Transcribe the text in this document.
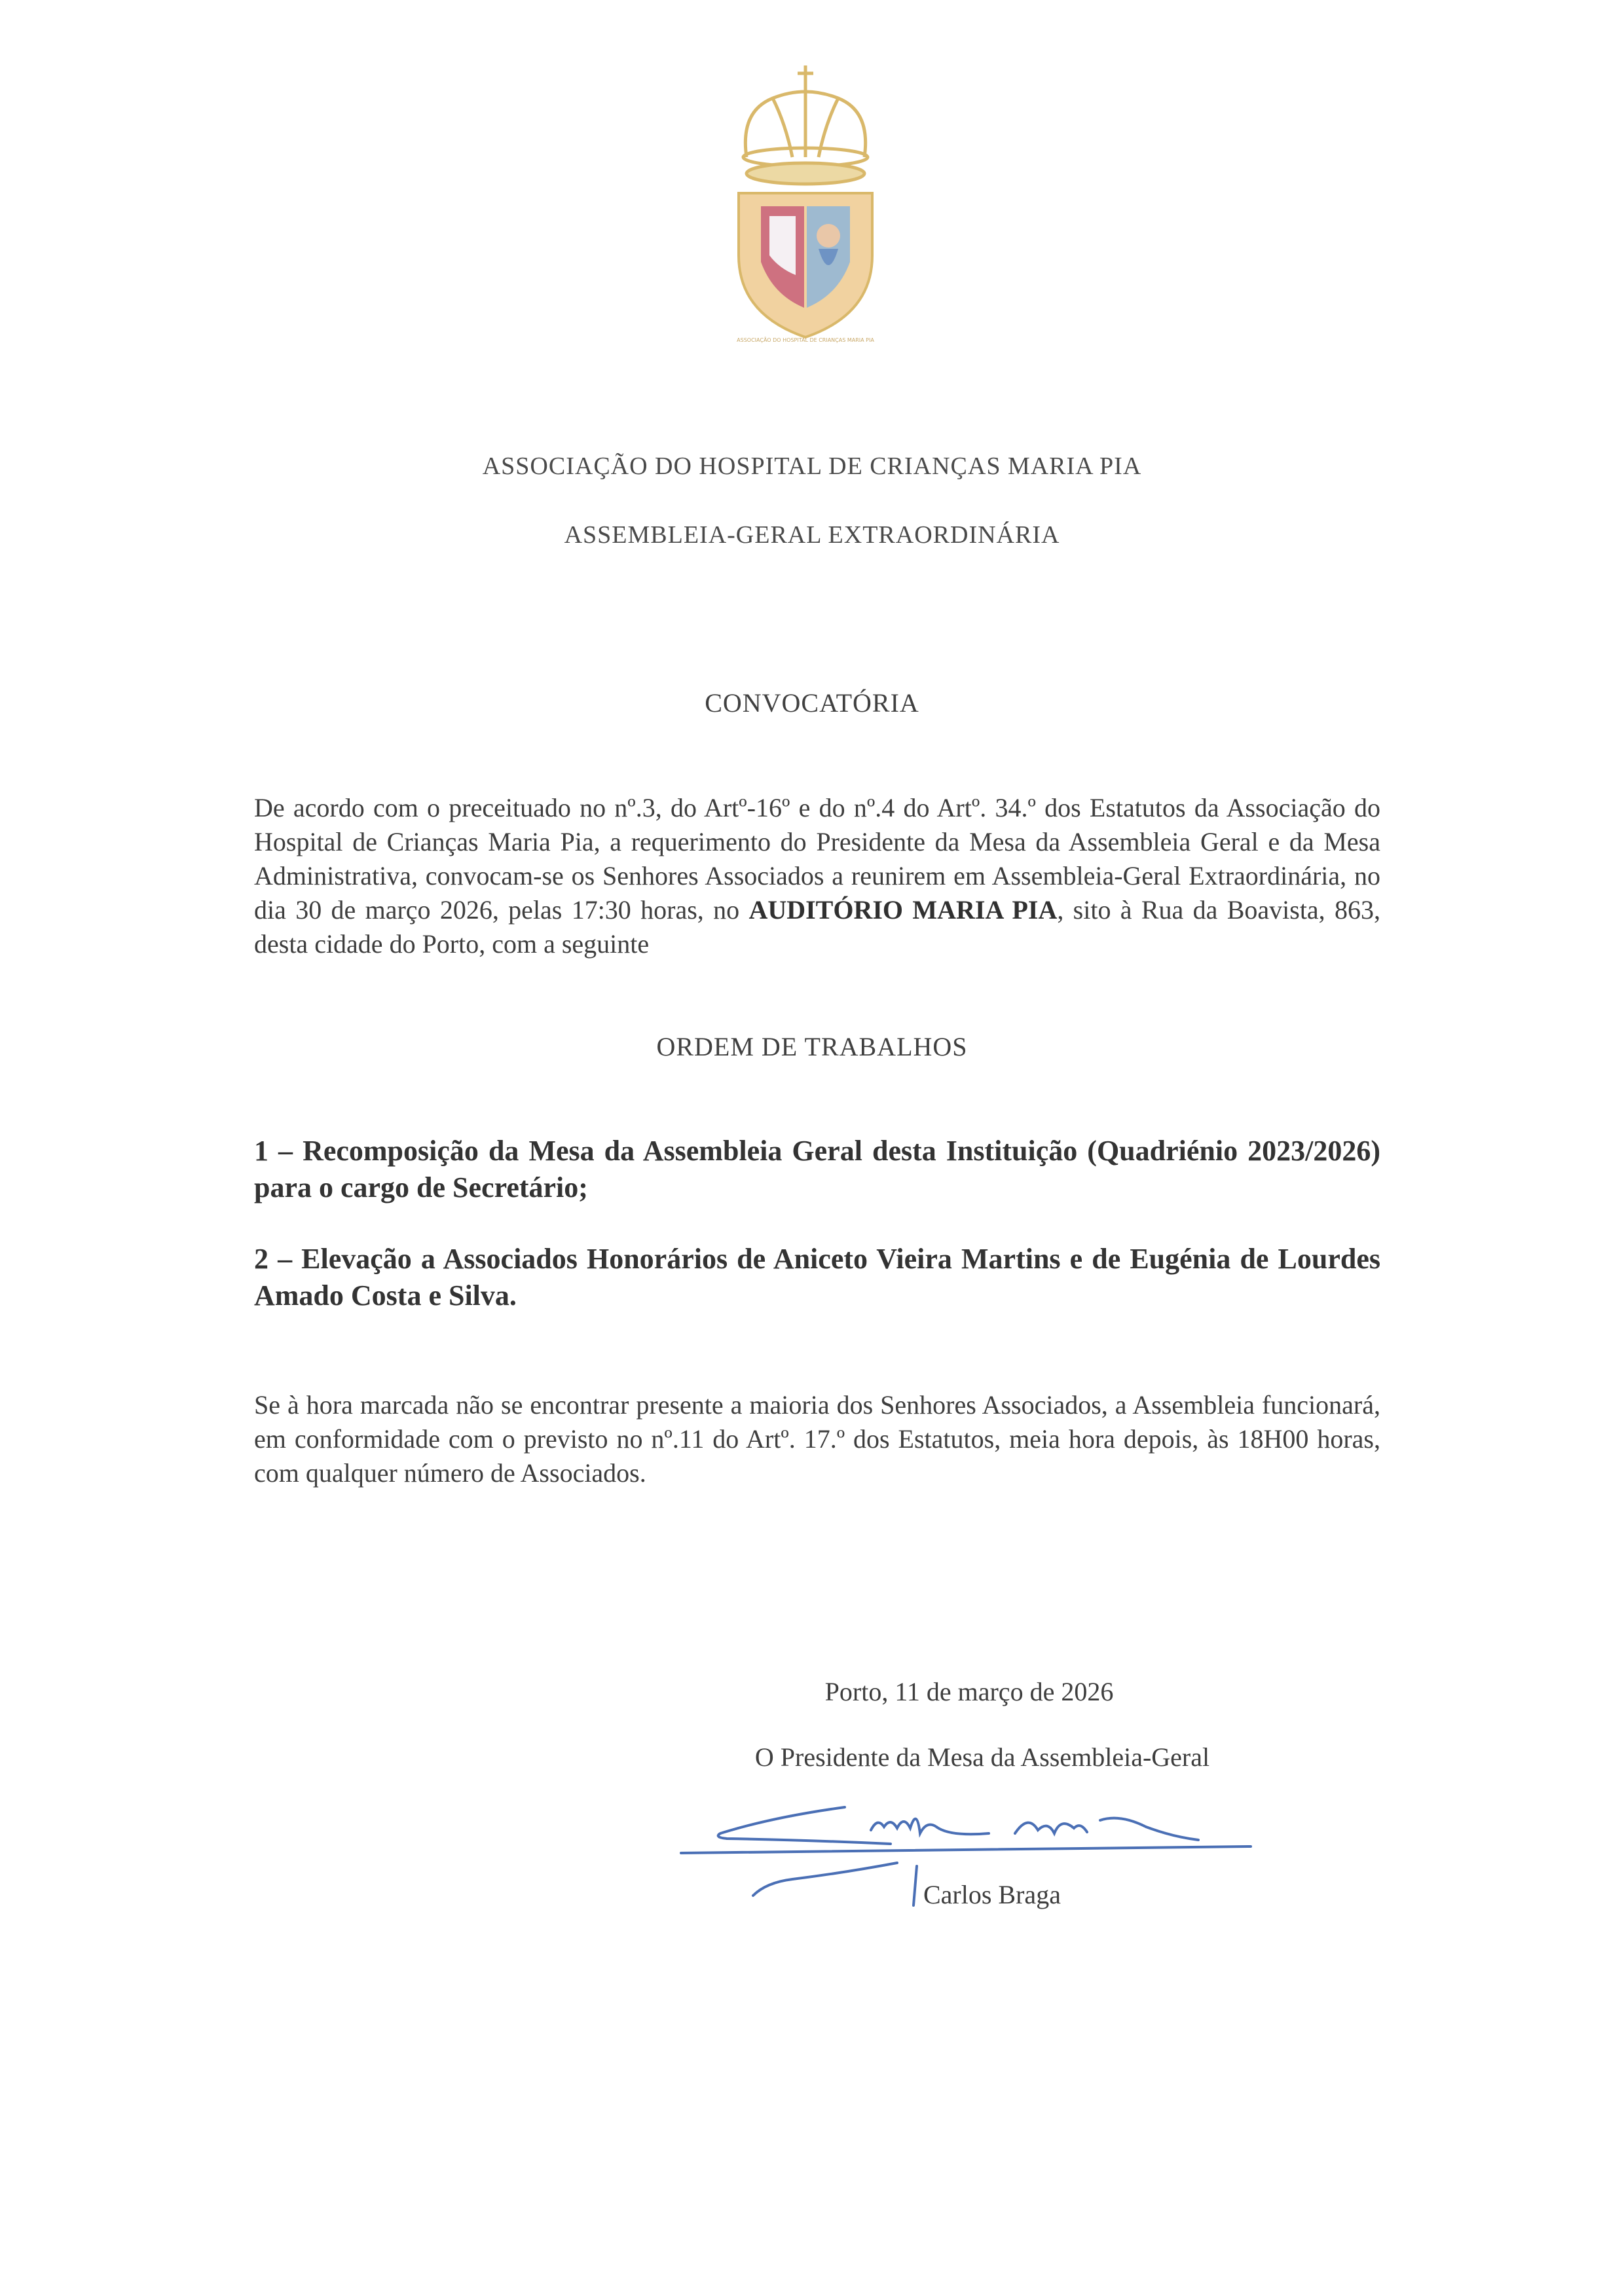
ASSOCIAÇÃO DO HOSPITAL DE CRIANÇAS MARIA PIA
ASSOCIAÇÃO DO HOSPITAL DE CRIANÇAS MARIA PIA
ASSEMBLEIA-GERAL EXTRAORDINÁRIA
CONVOCATÓRIA
De acordo com o preceituado no nº.3, do Artº-16º e do nº.4 do Artº. 34.º dos Estatutos da Associação do Hospital de Crianças Maria Pia, a requerimento do Presidente da Mesa da Assembleia Geral e da Mesa Administrativa, convocam-se os Senhores Associados a reunirem em Assembleia-Geral Extraordinária, no dia 30 de março 2026, pelas 17:30 horas, no AUDITÓRIO MARIA PIA, sito à Rua da Boavista, 863, desta cidade do Porto, com a seguinte
ORDEM DE TRABALHOS
1 – Recomposição da Mesa da Assembleia Geral desta Instituição (Quadriénio 2023/2026) para o cargo de Secretário;
2 – Elevação a Associados Honorários de Aniceto Vieira Martins e de Eugénia de Lourdes Amado Costa e Silva.
Se à hora marcada não se encontrar presente a maioria dos Senhores Associados, a Assembleia funcionará, em conformidade com o previsto no nº.11 do Artº. 17.º dos Estatutos, meia hora depois, às 18H00 horas, com qualquer número de Associados.
Porto, 11 de março de 2026
O Presidente da Mesa da Assembleia-Geral
Carlos Braga
